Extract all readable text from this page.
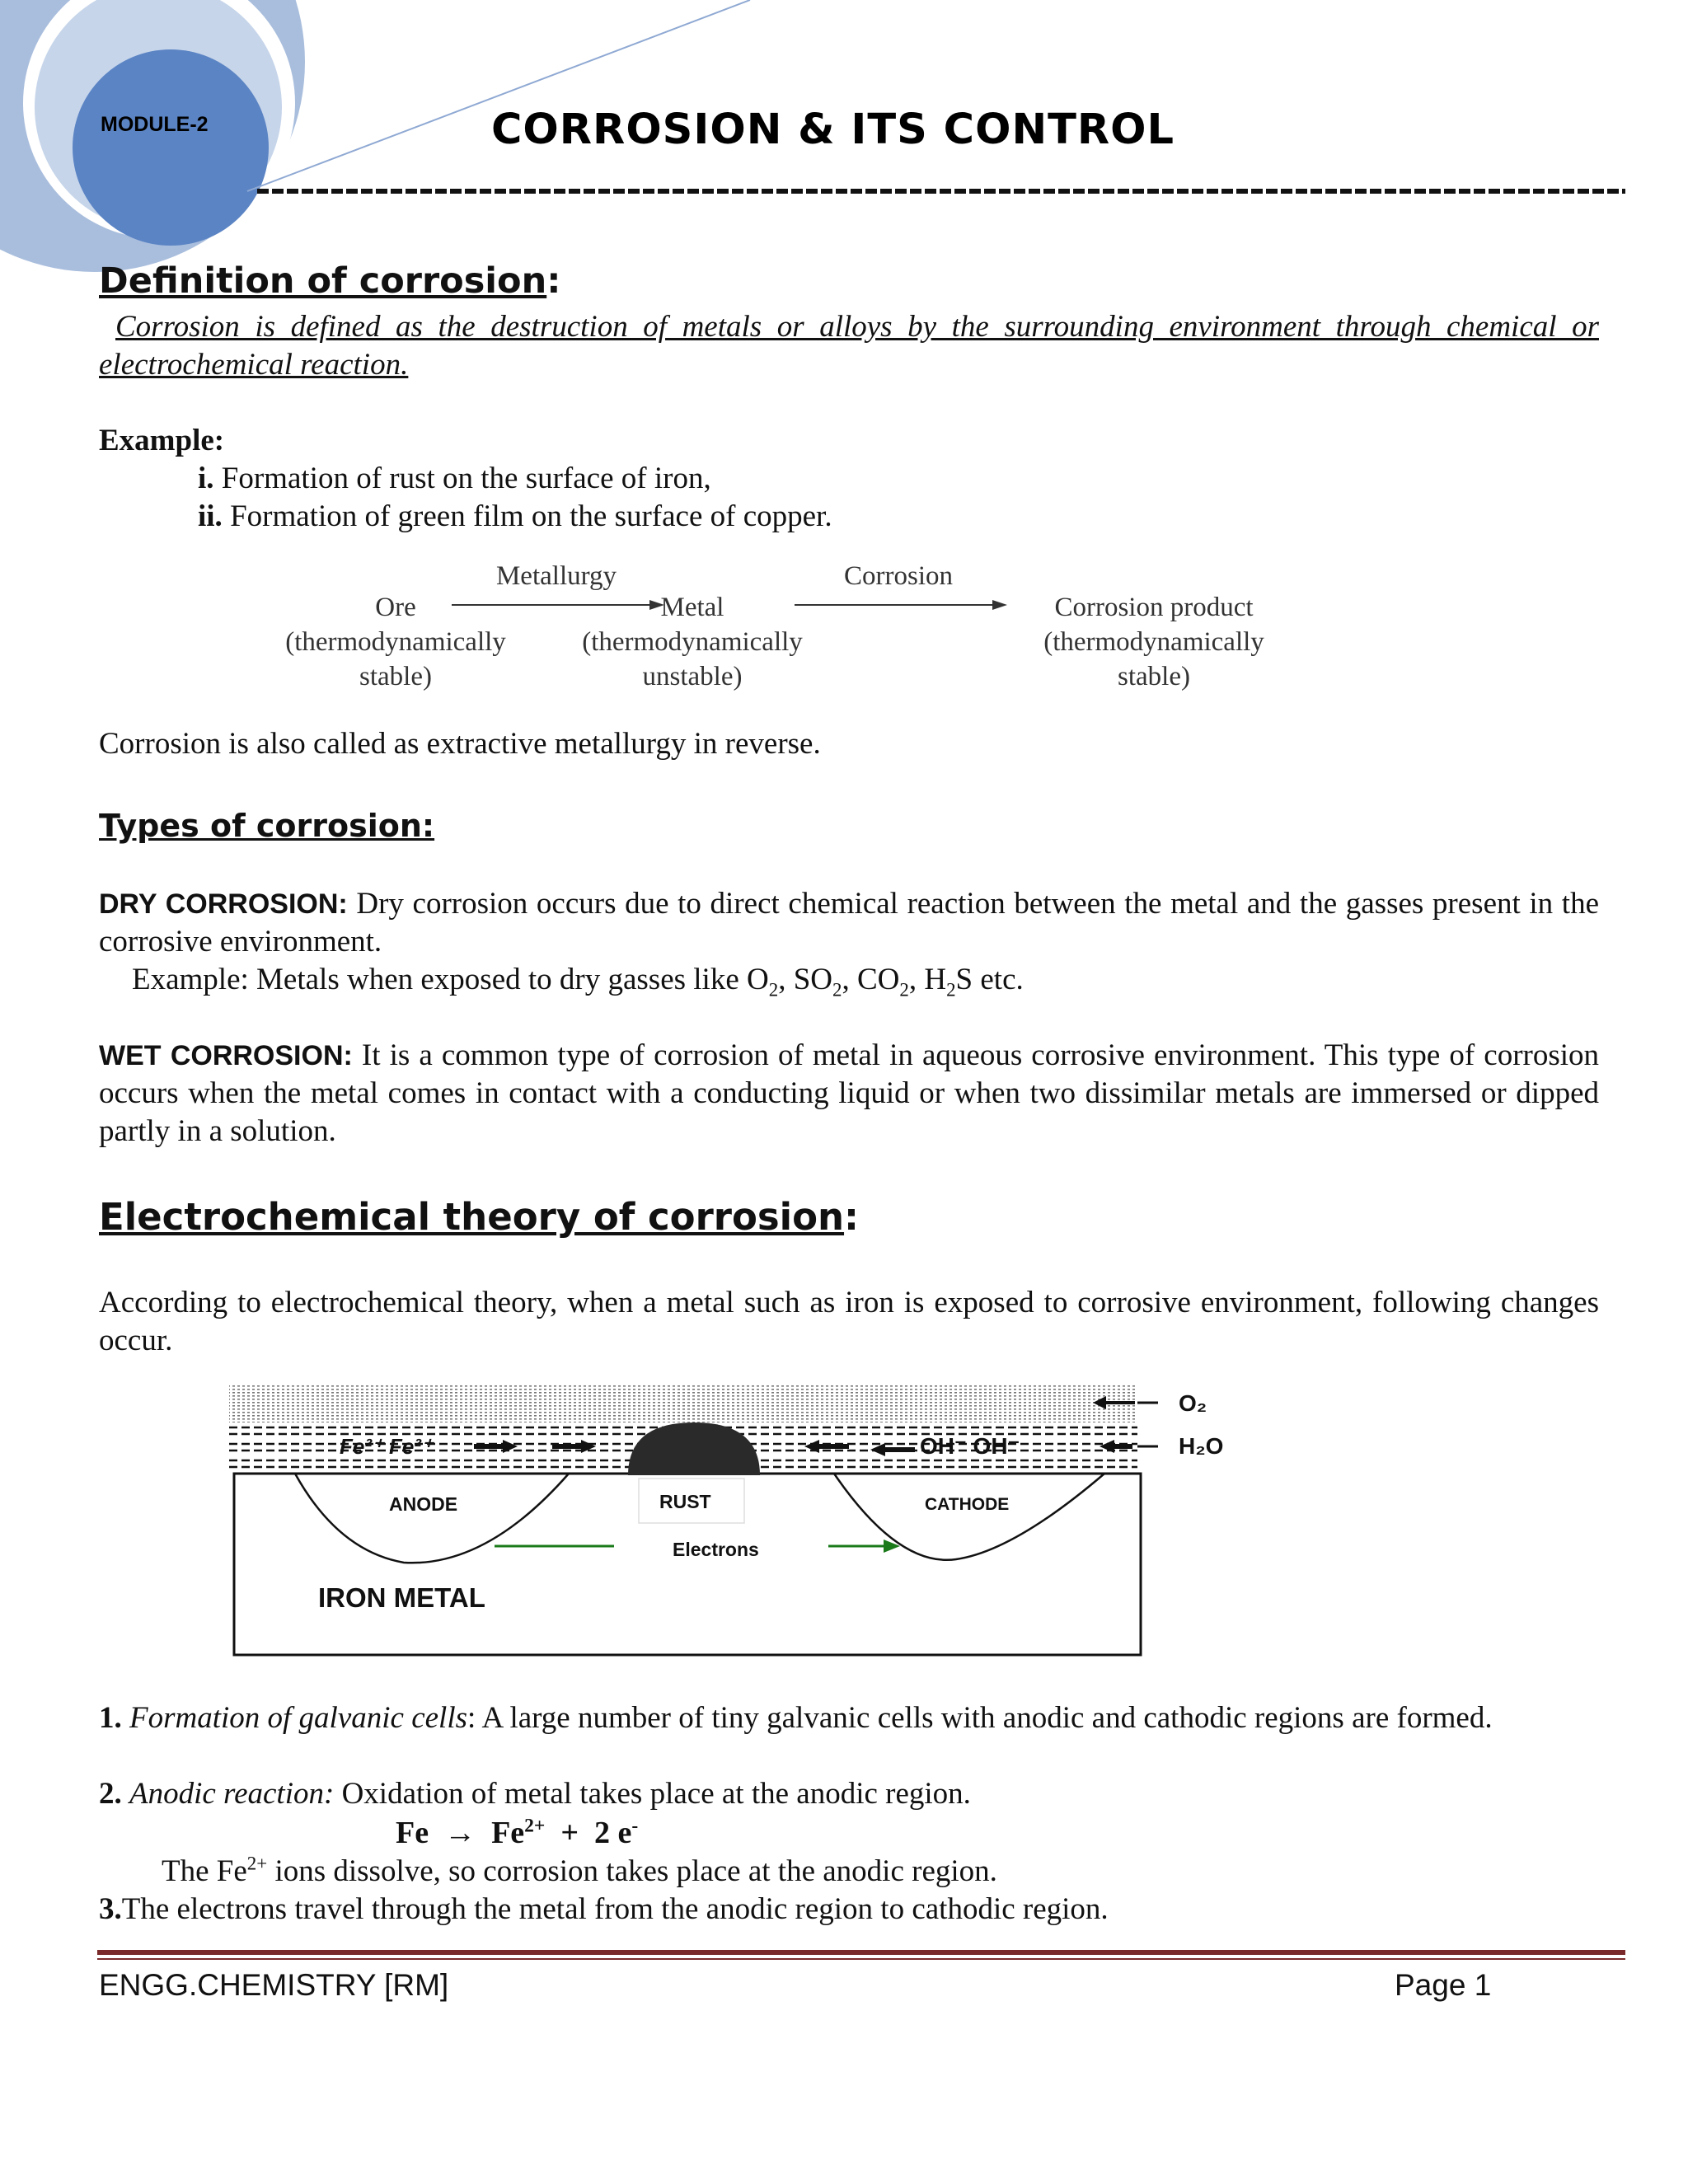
MODULE-2	CORROSION & ITS CONTROL
Definition of corrosion:
Corrosion is defined as the destruction of metals or alloys by the surrounding environment through chemical or electrochemical reaction.
Example:
i. Formation of rust on the surface of iron,
ii. Formation of green film on the surface of copper.
Ore
(thermodynamically
stable)
Metallurgy
Metal
(thermodynamically
unstable)
Corrosion
Corrosion product
(thermodynamically
stable)
Corrosion is also called as extractive metallurgy in reverse.
Types of corrosion:
DRY CORROSION: Dry corrosion occurs due to direct chemical reaction between the metal and the gasses present in the corrosive environment.
Example: Metals when exposed to dry gasses like $O_2$, $SO_2$, $CO_2$, $H_2S$ etc.
WET CORROSION: It is a common type of corrosion of metal in aqueous corrosive environment. This type of corrosion occurs when the metal comes in contact with a conducting liquid or when two dissimilar metals are immersed or dipped partly in a solution.
Electrochemical theory of corrosion:
According to electrochemical theory, when a metal such as iron is exposed to corrosive environment, following changes occur.
Fe²⁺ Fe²⁺	OH⁻ OH⁻
O₂
H₂O
ANODE	RUST	CATHODE
Electrons
IRON METAL
1. Formation of galvanic cells: A large number of tiny galvanic cells with anodic and cathodic regions are formed.
2. Anodic reaction: Oxidation of metal takes place at the anodic region.
$Fe \to Fe^{2+} + 2$ e-
The $Fe^{2+}$ ions dissolve, so corrosion takes place at the anodic region.
3.The electrons travel through the metal from the anodic region to cathodic region.
ENGG.CHEMISTRY [RM]	Page 1
